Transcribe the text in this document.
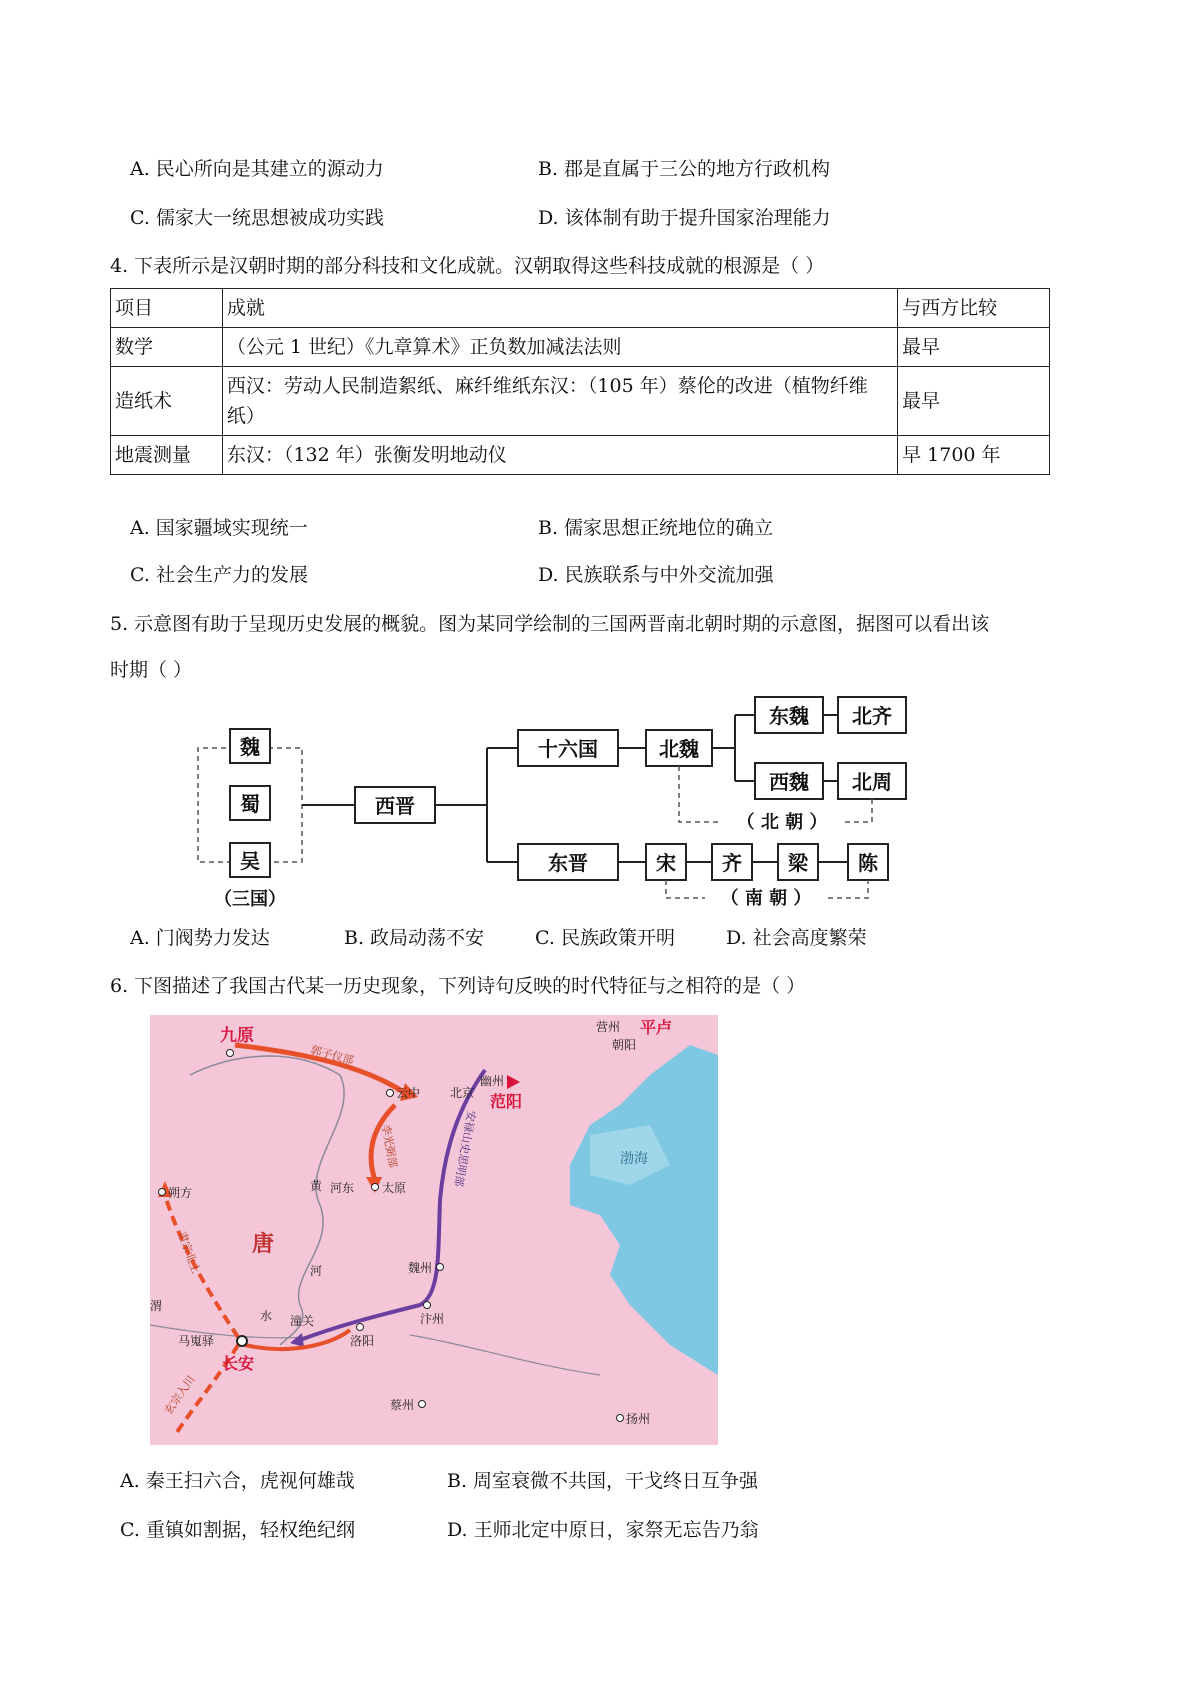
A. 民心所向是其建立的源动力	B. 郡是直属于三公的地方行政机构
C. 儒家大一统思想被成功实践	D. 该体制有助于提升国家治理能力
4. 下表所示是汉朝时期的部分科技和文化成就。汉朝取得这些科技成就的根源是（ ）
项目	成就	与西方比较
数学	（公元 1 世纪）《九章算术》正负数加减法法则	最早
造纸术	西汉：劳动人民制造絮纸、麻纤维纸东汉：（105 年）蔡伦的改进（植物纤维纸）	最早
地震测量	东汉：（132 年）张衡发明地动仪	早 1700 年
A. 国家疆域实现统一	B. 儒家思想正统地位的确立
C. 社会生产力的发展	D. 民族联系与中外交流加强
5. 示意图有助于呈现历史发展的概貌。图为某同学绘制的三国两晋南北朝时期的示意图，据图可以看出该
时期（ ）
魏
蜀
吴
（三国）
西晋
十六国	北魏
东魏 北齐
西魏 北周
（ 北 朝 ）
东晋	宋 齐 梁	陈
（ 南 朝 ）
A. 门阀势力发达	B. 政局动荡不安	C. 民族政策开明	D. 社会高度繁荣
6. 下图描述了我国古代某一历史现象，下列诗句反映的时代特征与之相符的是（ ）
九原
云中
河东 太原
朔方
唐
黄
河
渭
水
马嵬驿
长安
潼关
洛阳
汴州
魏州
蔡州
扬州
幽州
北京 范阳
营州
朝阳
平卢
渤海
郭子仪部
李光弼部
玄宗入川
肃宗北上
安禄山史思明部
A. 秦王扫六合，虎视何雄哉	B. 周室衰微不共国，干戈终日互争强
C. 重镇如割据，轻权绝纪纲	D. 王师北定中原日，家祭无忘告乃翁
